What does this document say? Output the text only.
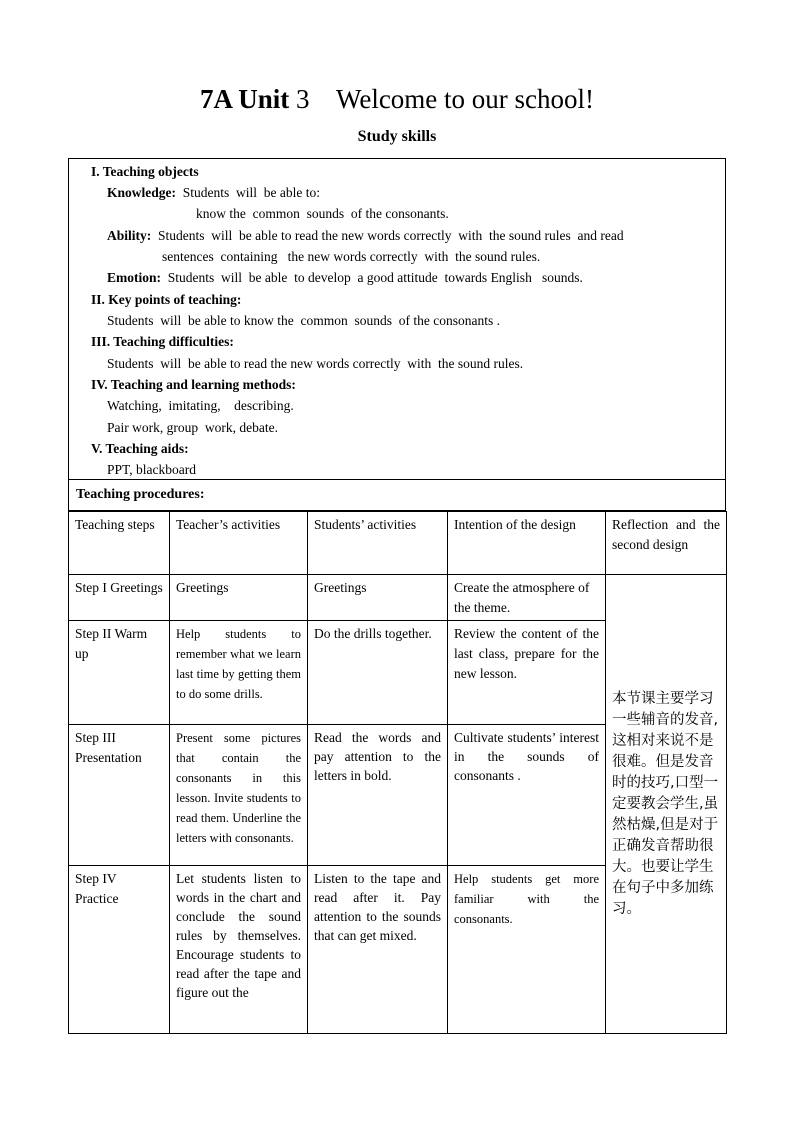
7A Unit 3    Welcome to our school!
Study skills
I. Teaching objects
Knowledge:  Students  will  be able to:
know the  common  sounds  of the consonants.
Ability:  Students  will  be able to read the new words correctly  with  the sound rules  and read
sentences  containing   the new words correctly  with  the sound rules.
Emotion:  Students  will  be able  to develop  a good attitude  towards English   sounds.
II. Key points of teaching:
Students  will  be able to know the  common  sounds  of the consonants .
III. Teaching difficulties:
Students  will  be able to read the new words correctly  with  the sound rules.
IV. Teaching and learning methods:
Watching,  imitating,    describing.
Pair work, group  work, debate.
V. Teaching aids:
PPT, blackboard
Teaching procedures:
Teaching steps	Teacher’s activities	Students’ activities	Intention of the design	Reflection and the second design
Step I Greetings	Greetings	Greetings	Create the atmosphere of the theme.	本节课主要学习一些辅音的发音,这相对来说不是很难。但是发音时的技巧,口型一定要教会学生,虽然枯燥,但是对于正确发音帮助很大。也要让学生在句子中多加练习。
Step II Warm up	Help students to remember what we learn last time by getting them to do some drills.	Do the drills together.	Review the content of the last class, prepare for the new lesson.	
Step III Presentation	Present some pictures that contain the consonants in this lesson. Invite students to read them. Underline the letters with consonants.	Read the words and pay attention to the letters in bold.	Cultivate students’ interest in the sounds of consonants .	
Step IV Practice	Let students listen to words in the chart and conclude the sound rules by themselves. Encourage students to read after the tape and figure out the	Listen to the tape and read after it. Pay attention to the sounds that can get mixed.	Help students get more familiar with the consonants.	
